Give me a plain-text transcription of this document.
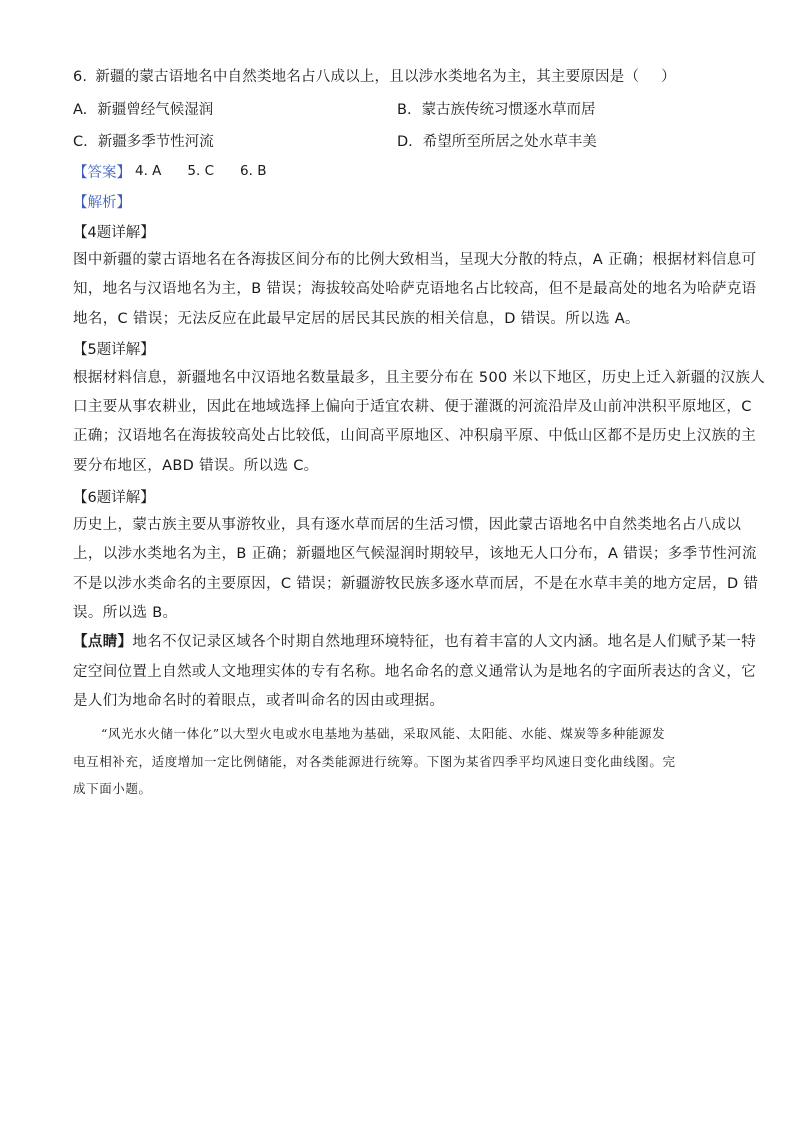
6. 新疆的蒙古语地名中自然类地名占八成以上，且以涉水类地名为主，其主要原因是（ ）
A. 新疆曾经气候湿润	B. 蒙古族传统习惯逐水草而居
C. 新疆多季节性河流	D. 希望所至所居之处水草丰美
【答案】 4. A 5. C 6. B
【解析】
【4题详解】
图中新疆的蒙古语地名在各海拔区间分布的比例大致相当，呈现大分散的特点，A 正确；根据材料信息可
知，地名与汉语地名为主，B 错误；海拔较高处哈萨克语地名占比较高，但不是最高处的地名为哈萨克语
地名，C 错误；无法反应在此最早定居的居民其民族的相关信息，D 错误。所以选 A。
【5题详解】
根据材料信息，新疆地名中汉语地名数量最多，且主要分布在 500 米以下地区，历史上迁入新疆的汉族人
口主要从事农耕业，因此在地域选择上偏向于适宜农耕、便于灌溉的河流沿岸及山前冲洪积平原地区，C
正确；汉语地名在海拔较高处占比较低，山间高平原地区、冲积扇平原、中低山区都不是历史上汉族的主
要分布地区，ABD 错误。所以选 C。
【6题详解】
历史上，蒙古族主要从事游牧业，具有逐水草而居的生活习惯，因此蒙古语地名中自然类地名占八成以
上，以涉水类地名为主，B 正确；新疆地区气候湿润时期较早，该地无人口分布，A 错误；多季节性河流
不是以涉水类命名的主要原因，C 错误；新疆游牧民族多逐水草而居，不是在水草丰美的地方定居，D 错
误。所以选 B。
【点睛】地名不仅记录区域各个时期自然地理环境特征，也有着丰富的人文内涵。地名是人们赋予某一特
定空间位置上自然或人文地理实体的专有名称。地名命名的意义通常认为是地名的字面所表达的含义，它
是人们为地命名时的着眼点，或者叫命名的因由或理据。
“风光水火储一体化”以大型火电或水电基地为基础，采取风能、太阳能、水能、煤炭等多种能源发
电互相补充，适度增加一定比例储能，对各类能源进行统筹。下图为某省四季平均风速日变化曲线图。完
成下面小题。
